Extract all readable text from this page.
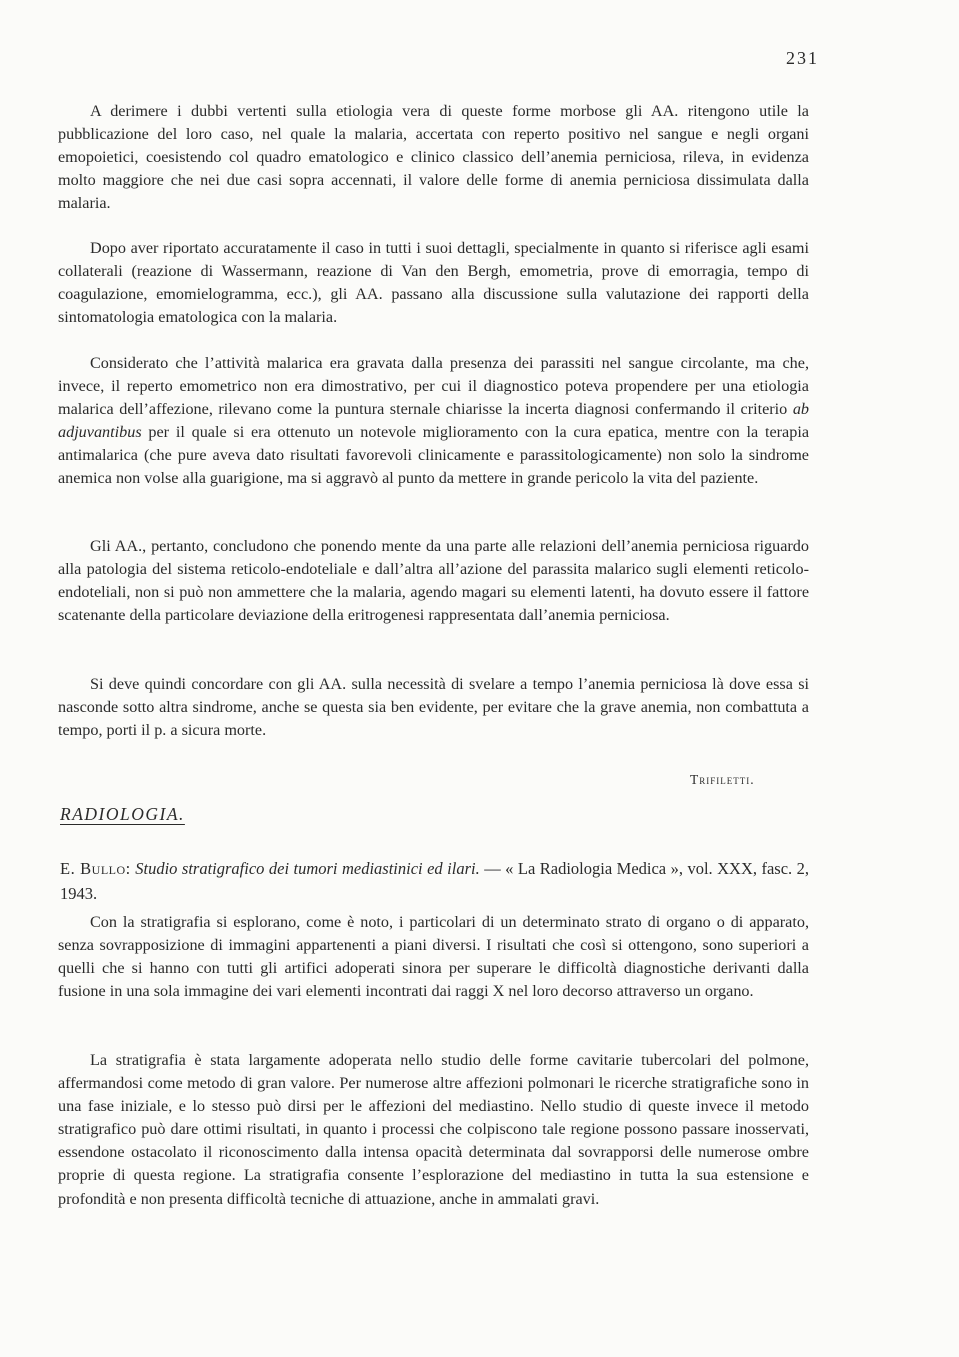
231

A derimere i dubbi vertenti sulla etiologia vera di queste forme morbose gli AA. ritengono utile la pubblicazione del loro caso, nel quale la malaria, accertata con reperto positivo nel sangue e negli organi emopoietici, coesistendo col quadro ematologico e clinico classico dell’anemia perniciosa, rileva, in evidenza molto maggiore che nei due casi sopra accennati, il valore delle forme di anemia perniciosa dissimulata dalla malaria.

Dopo aver riportato accuratamente il caso in tutti i suoi dettagli, specialmente in quanto si riferisce agli esami collaterali (reazione di Wassermann, reazione di Van den Bergh, emometria, prove di emorragia, tempo di coagulazione, emomielogramma, ecc.), gli AA. passano alla discussione sulla valutazione dei rapporti della sintomatologia ematologica con la malaria.

Considerato che l’attività malarica era gravata dalla presenza dei parassiti nel sangue circolante, ma che, invece, il reperto emometrico non era dimostrativo, per cui il diagnostico poteva propendere per una etiologia malarica dell’affezione, rilevano come la puntura sternale chiarisse la incerta diagnosi confermando il criterio ab adjuvantibus per il quale si era ottenuto un notevole miglioramento con la cura epatica, mentre con la terapia antimalarica (che pure aveva dato risultati favorevoli clinicamente e parassitologicamente) non solo la sindrome anemica non volse alla guarigione, ma si aggravò al punto da mettere in grande pericolo la vita del paziente.

Gli AA., pertanto, concludono che ponendo mente da una parte alle relazioni dell’anemia perniciosa riguardo alla patologia del sistema reticolo-endoteliale e dall’altra all’azione del parassita malarico sugli elementi reticolo-endoteliali, non si può non ammettere che la malaria, agendo magari su elementi latenti, ha dovuto essere il fattore scatenante della particolare deviazione della eritrogenesi rappresentata dall’anemia perniciosa.

Si deve quindi concordare con gli AA. sulla necessità di svelare a tempo l’anemia perniciosa là dove essa si nasconde sotto altra sindrome, anche se questa sia ben evidente, per evitare che la grave anemia, non combattuta a tempo, porti il p. a sicura morte.

Trifiletti.
RADIOLOGIA.

E. Bullo: Studio stratigrafico dei tumori mediastinici ed ilari. — « La Radiologia Medica », vol. XXX, fasc. 2, 1943.

Con la stratigrafia si esplorano, come è noto, i particolari di un determinato strato di organo o di apparato, senza sovrapposizione di immagini appartenenti a piani diversi. I risultati che così si ottengono, sono superiori a quelli che si hanno con tutti gli artifici adoperati sinora per superare le difficoltà diagnostiche derivanti dalla fusione in una sola immagine dei vari elementi incontrati dai raggi X nel loro decorso attraverso un organo.

La stratigrafia è stata largamente adoperata nello studio delle forme cavitarie tubercolari del polmone, affermandosi come metodo di gran valore. Per numerose altre affezioni polmonari le ricerche stratigrafiche sono in una fase iniziale, e lo stesso può dirsi per le affezioni del mediastino. Nello studio di queste invece il metodo stratigrafico può dare ottimi risultati, in quanto i processi che colpiscono tale regione possono passare inosservati, essendone ostacolato il riconoscimento dalla intensa opacità determinata dal sovrapporsi delle numerose ombre proprie di questa regione. La stratigrafia consente l’esplorazione del mediastino in tutta la sua estensione e profondità e non presenta difficoltà tecniche di attuazione, anche in ammalati gravi.
